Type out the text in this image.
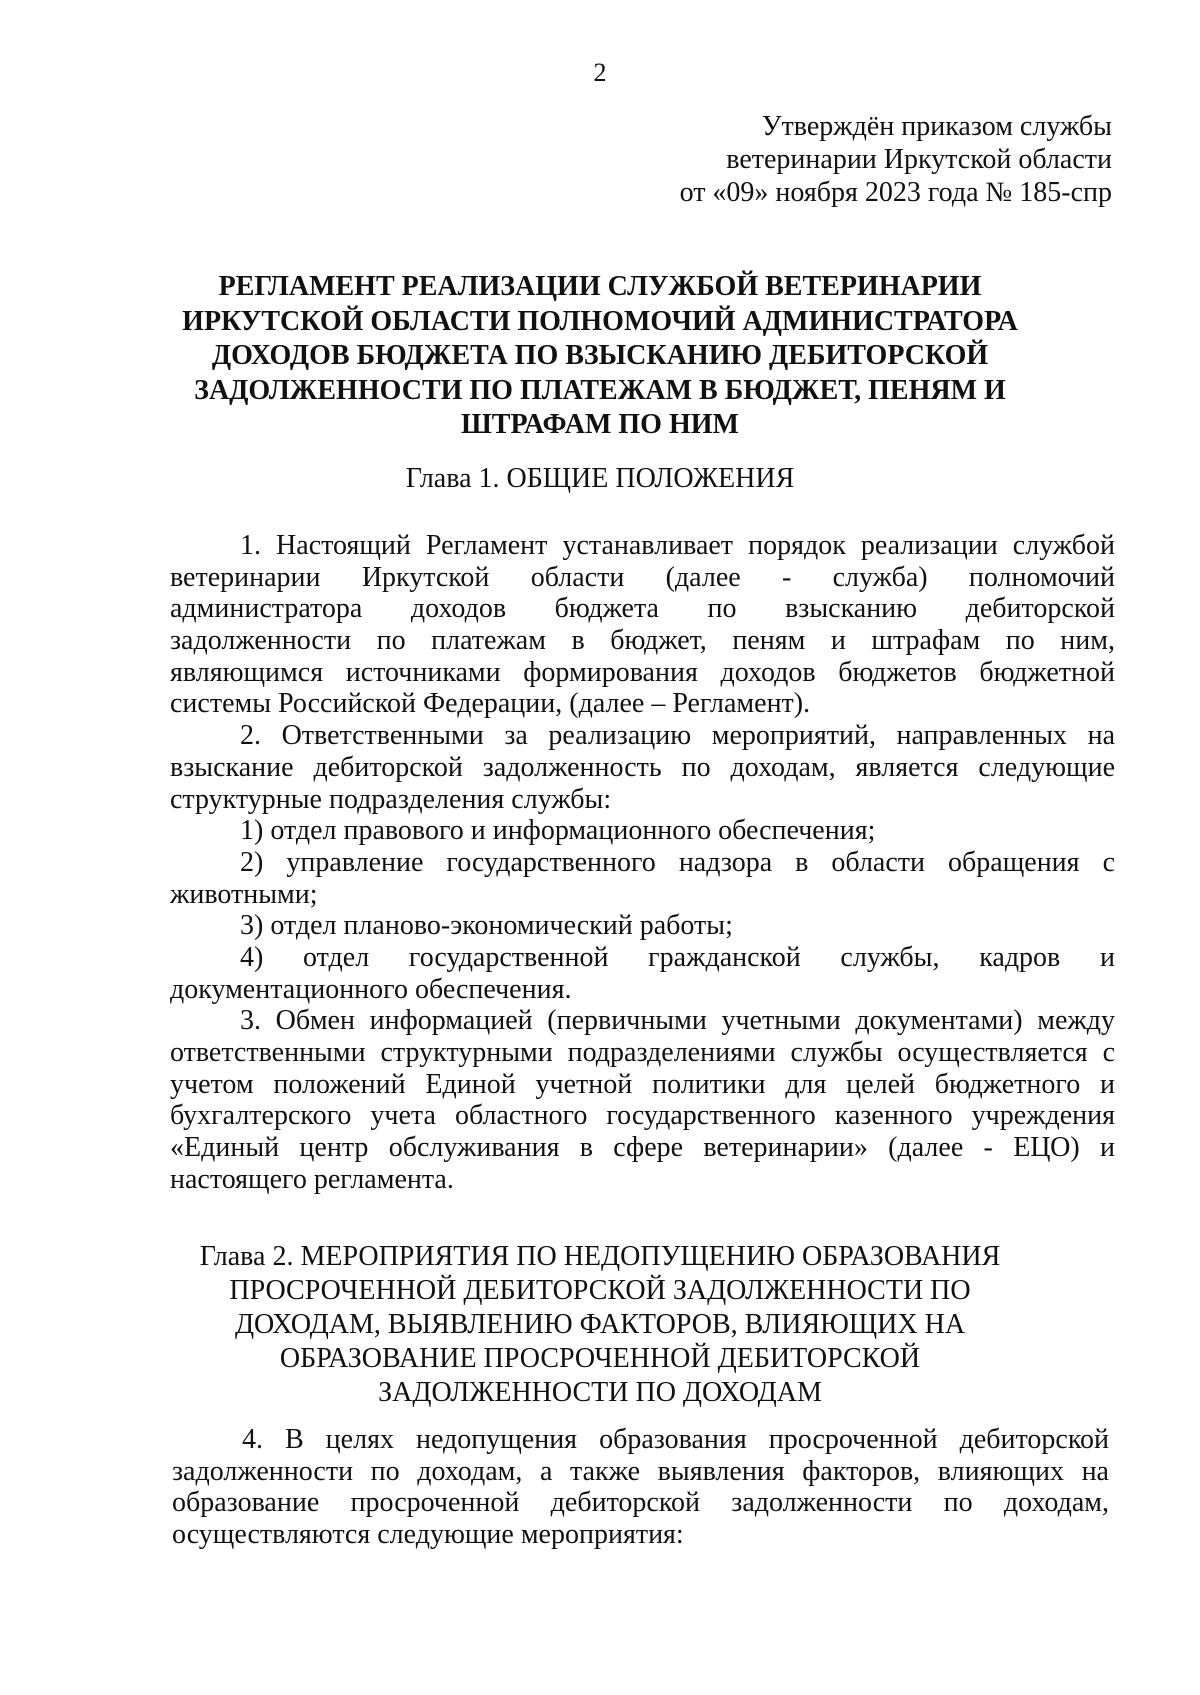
2
Утверждён приказом службы
ветеринарии Иркутской области
от «09» ноября 2023 года № 185-спр
РЕГЛАМЕНТ РЕАЛИЗАЦИИ СЛУЖБОЙ ВЕТЕРИНАРИИ
ИРКУТСКОЙ ОБЛАСТИ ПОЛНОМОЧИЙ АДМИНИСТРАТОРА
ДОХОДОВ БЮДЖЕТА ПО ВЗЫСКАНИЮ ДЕБИТОРСКОЙ
ЗАДОЛЖЕННОСТИ ПО ПЛАТЕЖАМ В БЮДЖЕТ, ПЕНЯМ И
ШТРАФАМ ПО НИМ
Глава 1. ОБЩИЕ ПОЛОЖЕНИЯ
1. Настоящий Регламент устанавливает порядок реализации службой
ветеринарии Иркутской области (далее - служба) полномочий
администратора доходов бюджета по взысканию дебиторской
задолженности по платежам в бюджет, пеням и штрафам по ним,
являющимся источниками формирования доходов бюджетов бюджетной
системы Российской Федерации, (далее – Регламент).
2. Ответственными за реализацию мероприятий, направленных на
взыскание дебиторской задолженность по доходам, является следующие
структурные подразделения службы:
1) отдел правового и информационного обеспечения;
2) управление государственного надзора в области обращения с
животными;
3) отдел планово-экономический работы;
4) отдел государственной гражданской службы, кадров и
документационного обеспечения.
3. Обмен информацией (первичными учетными документами) между
ответственными структурными подразделениями службы осуществляется с
учетом положений Единой учетной политики для целей бюджетного и
бухгалтерского учета областного государственного казенного учреждения
«Единый центр обслуживания в сфере ветеринарии» (далее - ЕЦО) и
настоящего регламента.
Глава 2. МЕРОПРИЯТИЯ ПО НЕДОПУЩЕНИЮ ОБРАЗОВАНИЯ
ПРОСРОЧЕННОЙ ДЕБИТОРСКОЙ ЗАДОЛЖЕННОСТИ ПО
ДОХОДАМ, ВЫЯВЛЕНИЮ ФАКТОРОВ, ВЛИЯЮЩИХ НА
ОБРАЗОВАНИЕ ПРОСРОЧЕННОЙ ДЕБИТОРСКОЙ
ЗАДОЛЖЕННОСТИ ПО ДОХОДАМ
4. В целях недопущения образования просроченной дебиторской
задолженности по доходам, а также выявления факторов, влияющих на
образование просроченной дебиторской задолженности по доходам,
осуществляются следующие мероприятия:
